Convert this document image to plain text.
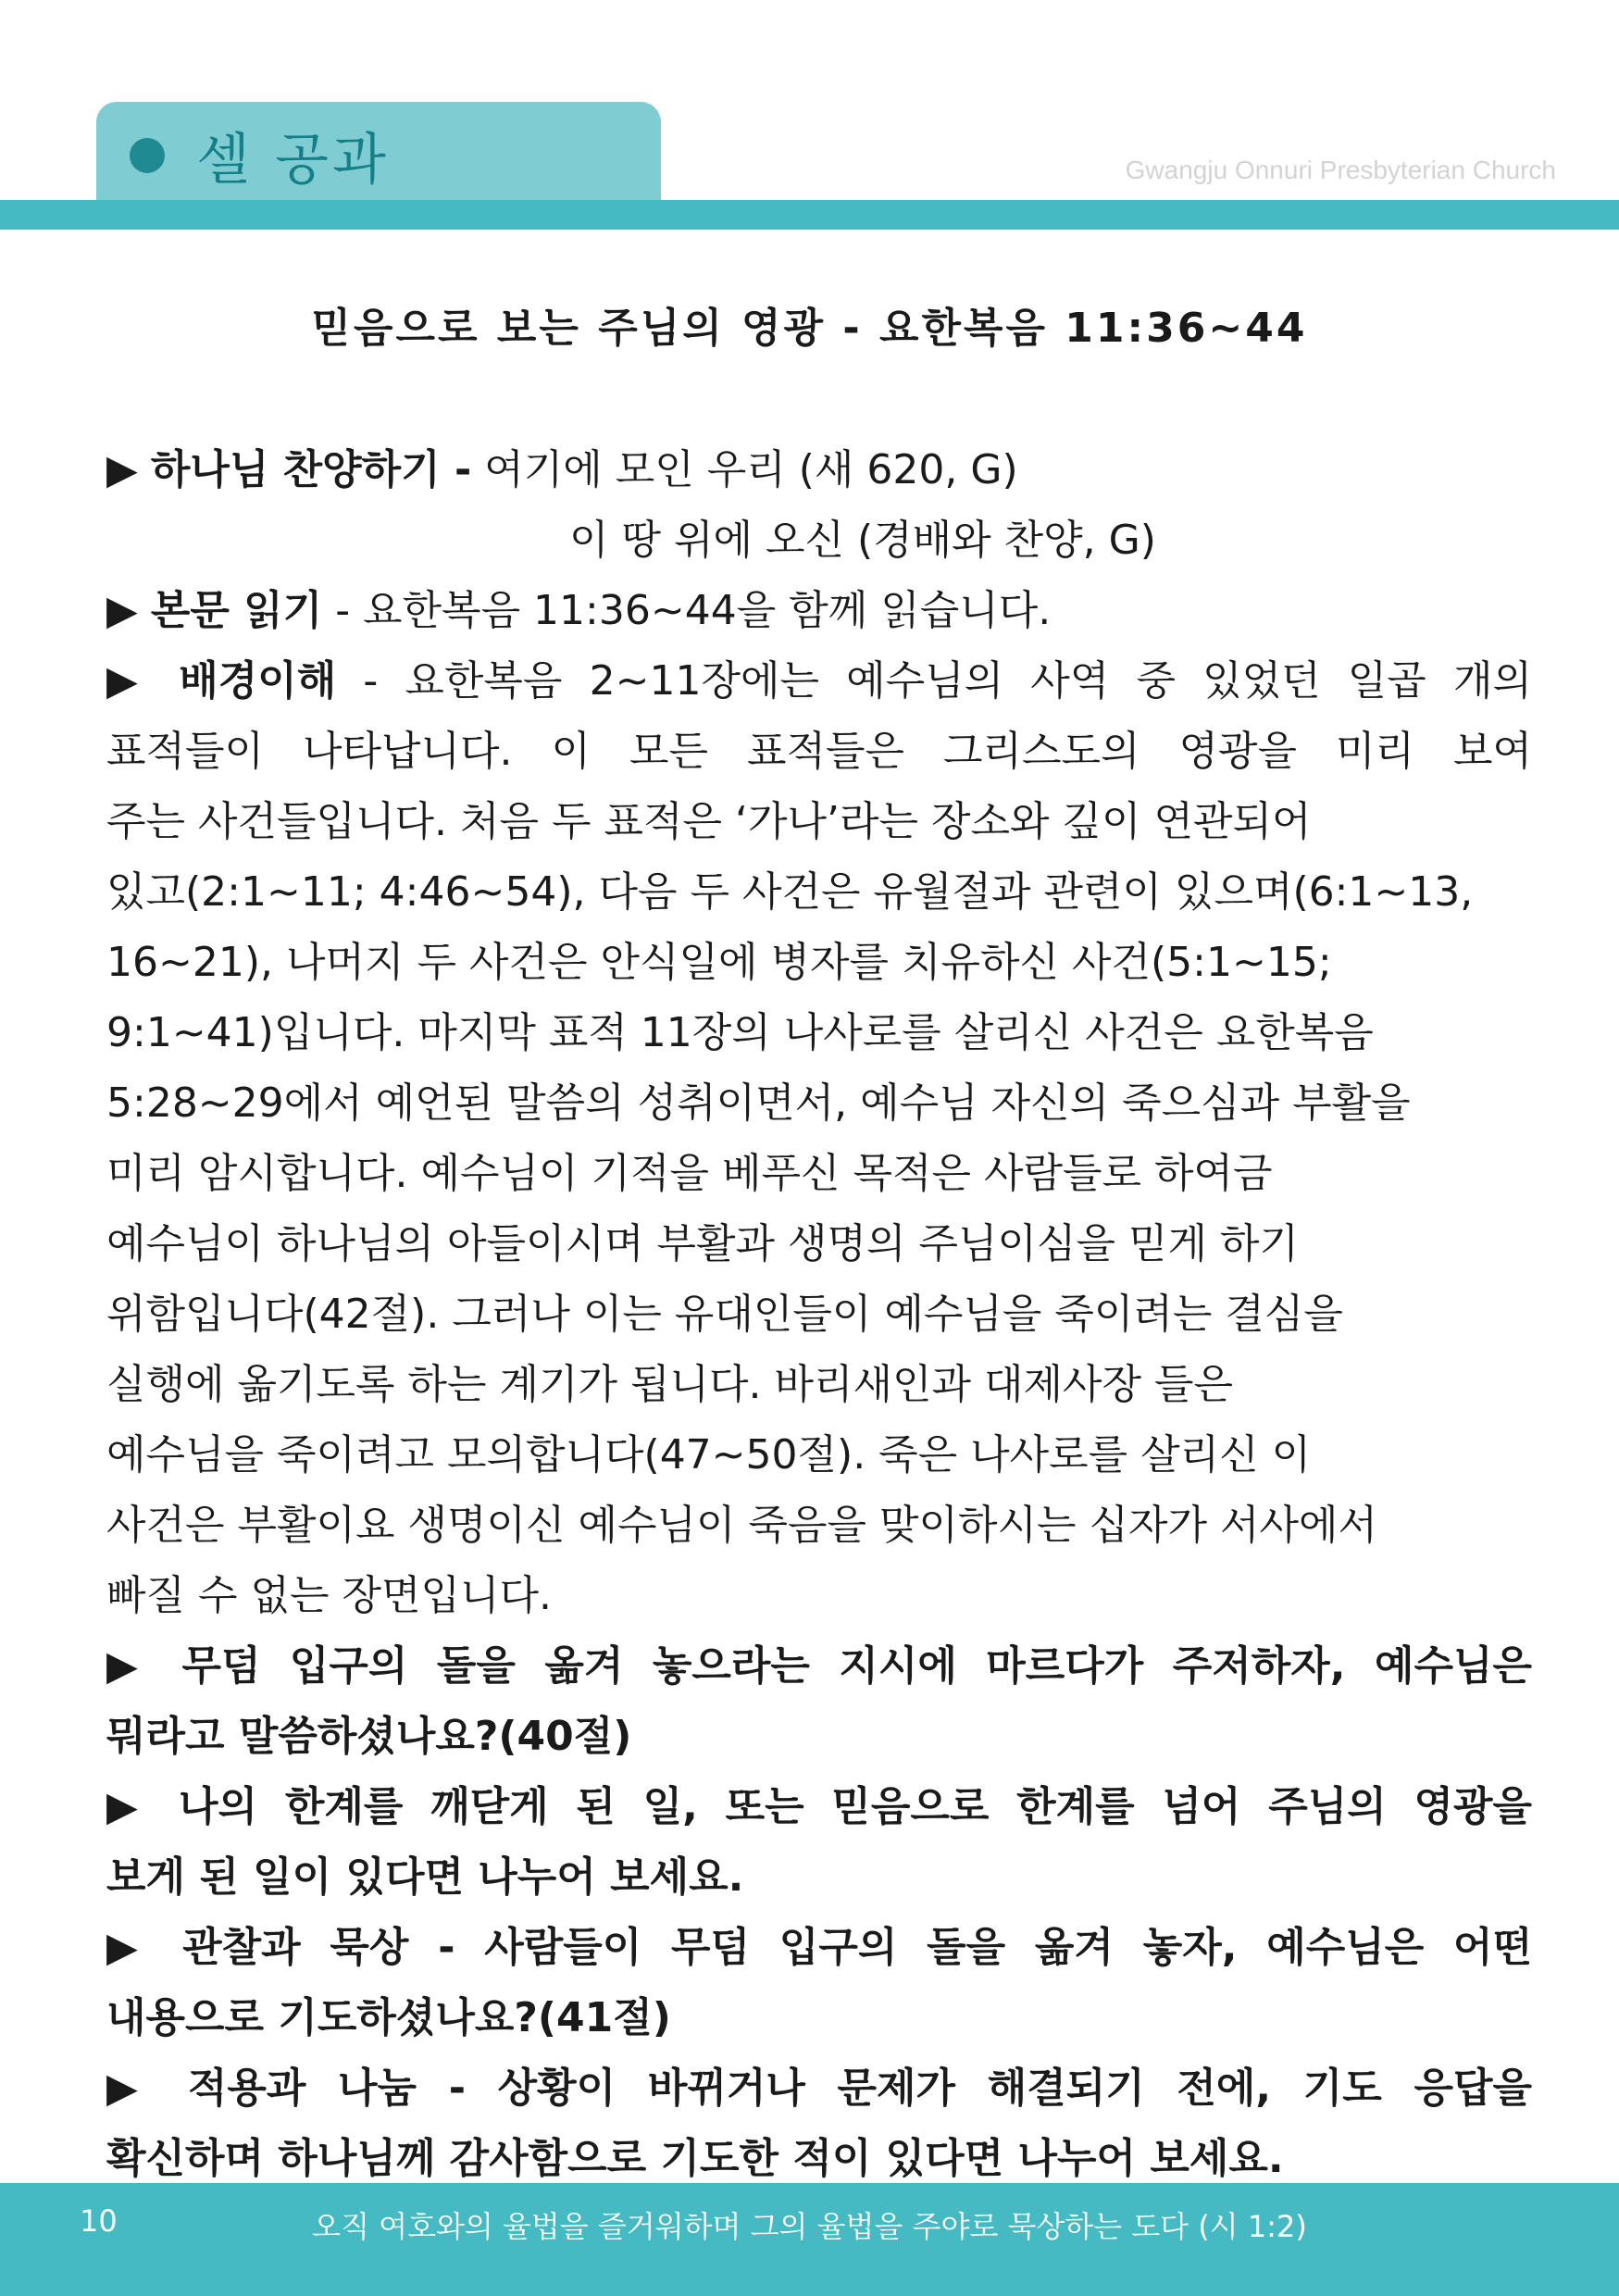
셀 공과	Gwangju Onnuri Presbyterian Church
믿음으로 보는 주님의 영광 - 요한복음 11:36~44
▶ 하나님 찬양하기 - 여기에 모인 우리 (새 620, G)
이 땅 위에 오신 (경배와 찬양, G)
▶ 본문 읽기 - 요한복음 11:36~44을 함께 읽습니다.
▶ 배경이해 - 요한복음 2~11장에는 예수님의 사역 중 있었던 일곱 개의
표적들이 나타납니다. 이 모든 표적들은 그리스도의 영광을 미리 보여
주는 사건들입니다. 처음 두 표적은 ‘가나’라는 장소와 깊이 연관되어
있고(2:1~11; 4:46~54), 다음 두 사건은 유월절과 관련이 있으며(6:1~13,
16~21), 나머지 두 사건은 안식일에 병자를 치유하신 사건(5:1~15;
9:1~41)입니다. 마지막 표적 11장의 나사로를 살리신 사건은 요한복음
5:28~29에서 예언된 말씀의 성취이면서, 예수님 자신의 죽으심과 부활을
미리 암시합니다. 예수님이 기적을 베푸신 목적은 사람들로 하여금
예수님이 하나님의 아들이시며 부활과 생명의 주님이심을 믿게 하기
위함입니다(42절). 그러나 이는 유대인들이 예수님을 죽이려는 결심을
실행에 옮기도록 하는 계기가 됩니다. 바리새인과 대제사장 들은
예수님을 죽이려고 모의합니다(47~50절). 죽은 나사로를 살리신 이
사건은 부활이요 생명이신 예수님이 죽음을 맞이하시는 십자가 서사에서
빠질 수 없는 장면입니다.
▶ 무덤 입구의 돌을 옮겨 놓으라는 지시에 마르다가 주저하자, 예수님은
뭐라고 말씀하셨나요?(40절)
▶ 나의 한계를 깨닫게 된 일, 또는 믿음으로 한계를 넘어 주님의 영광을
보게 된 일이 있다면 나누어 보세요.
▶ 관찰과 묵상 - 사람들이 무덤 입구의 돌을 옮겨 놓자, 예수님은 어떤
내용으로 기도하셨나요?(41절)
▶ 적용과 나눔 - 상황이 바뀌거나 문제가 해결되기 전에, 기도 응답을
확신하며 하나님께 감사함으로 기도한 적이 있다면 나누어 보세요.
10	오직 여호와의 율법을 즐거워하며 그의 율법을 주야로 묵상하는 도다 (시 1:2)
